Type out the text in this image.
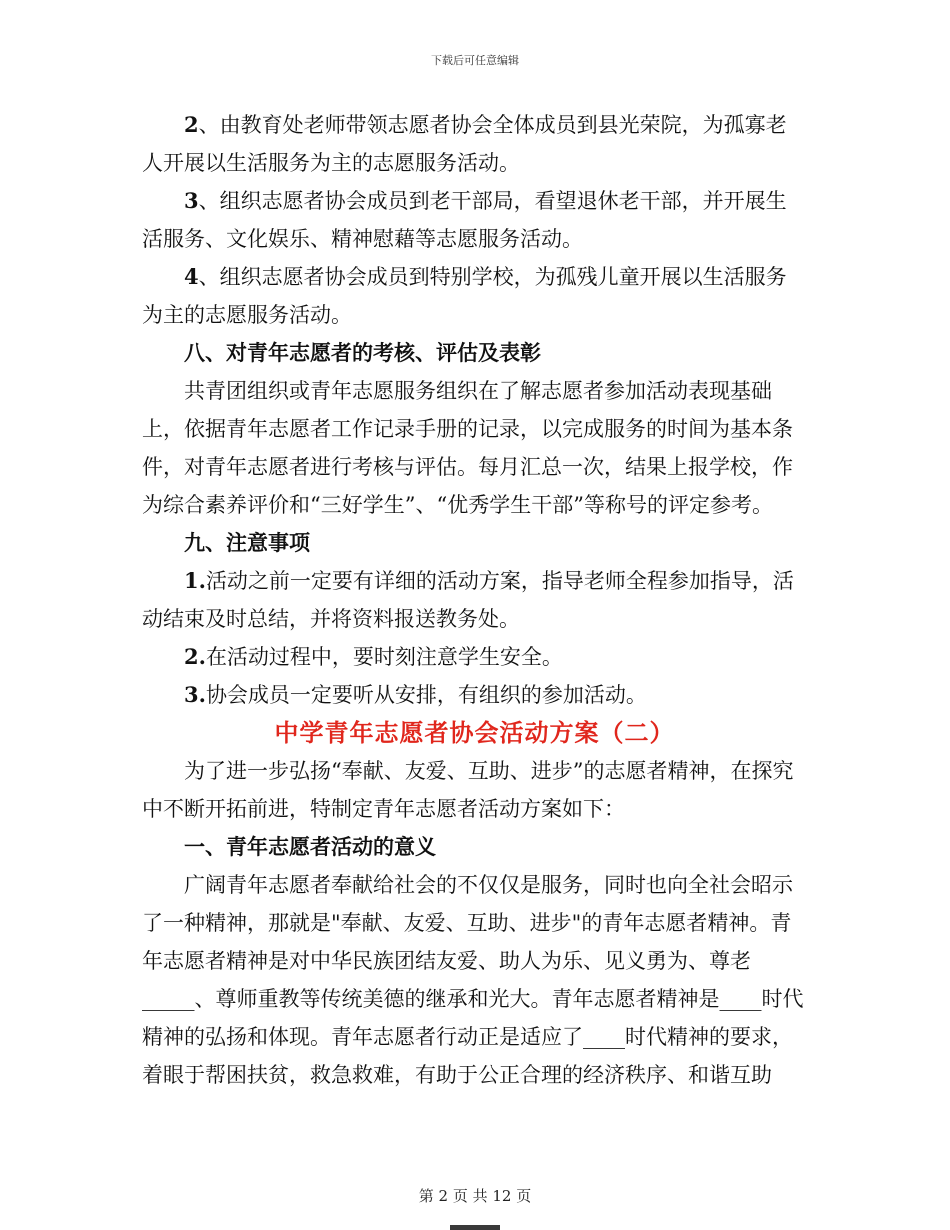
下载后可任意编辑

2、由教育处老师带领志愿者协会全体成员到县光荣院，为孤寡老人开展以生活服务为主的志愿服务活动。

3、组织志愿者协会成员到老干部局，看望退休老干部，并开展生活服务、文化娱乐、精神慰藉等志愿服务活动。

4、组织志愿者协会成员到特别学校，为孤残儿童开展以生活服务为主的志愿服务活动。

八、对青年志愿者的考核、评估及表彰

共青团组织或青年志愿服务组织在了解志愿者参加活动表现基础上，依据青年志愿者工作记录手册的记录，以完成服务的时间为基本条件，对青年志愿者进行考核与评估。每月汇总一次，结果上报学校，作为综合素养评价和“三好学生”、“优秀学生干部”等称号的评定参考。

九、注意事项

1.活动之前一定要有详细的活动方案，指导老师全程参加指导，活动结束及时总结，并将资料报送教务处。

2.在活动过程中，要时刻注意学生安全。

3.协会成员一定要听从安排，有组织的参加活动。

中学青年志愿者协会活动方案（二）

为了进一步弘扬“奉献、友爱、互助、进步”的志愿者精神，在探究中不断开拓前进，特制定青年志愿者活动方案如下：

一、青年志愿者活动的意义

广阔青年志愿者奉献给社会的不仅仅是服务，同时也向全社会昭示了一种精神，那就是"奉献、友爱、互助、进步"的青年志愿者精神。青年志愿者精神是对中华民族团结友爱、助人为乐、见义勇为、尊老_____、尊师重教等传统美德的继承和光大。青年志愿者精神是____时代精神的弘扬和体现。青年志愿者行动正是适应了____时代精神的要求，着眼于帮困扶贫，救急救难，有助于公正合理的经济秩序、和谐互助

第 2 页 共 12 页
